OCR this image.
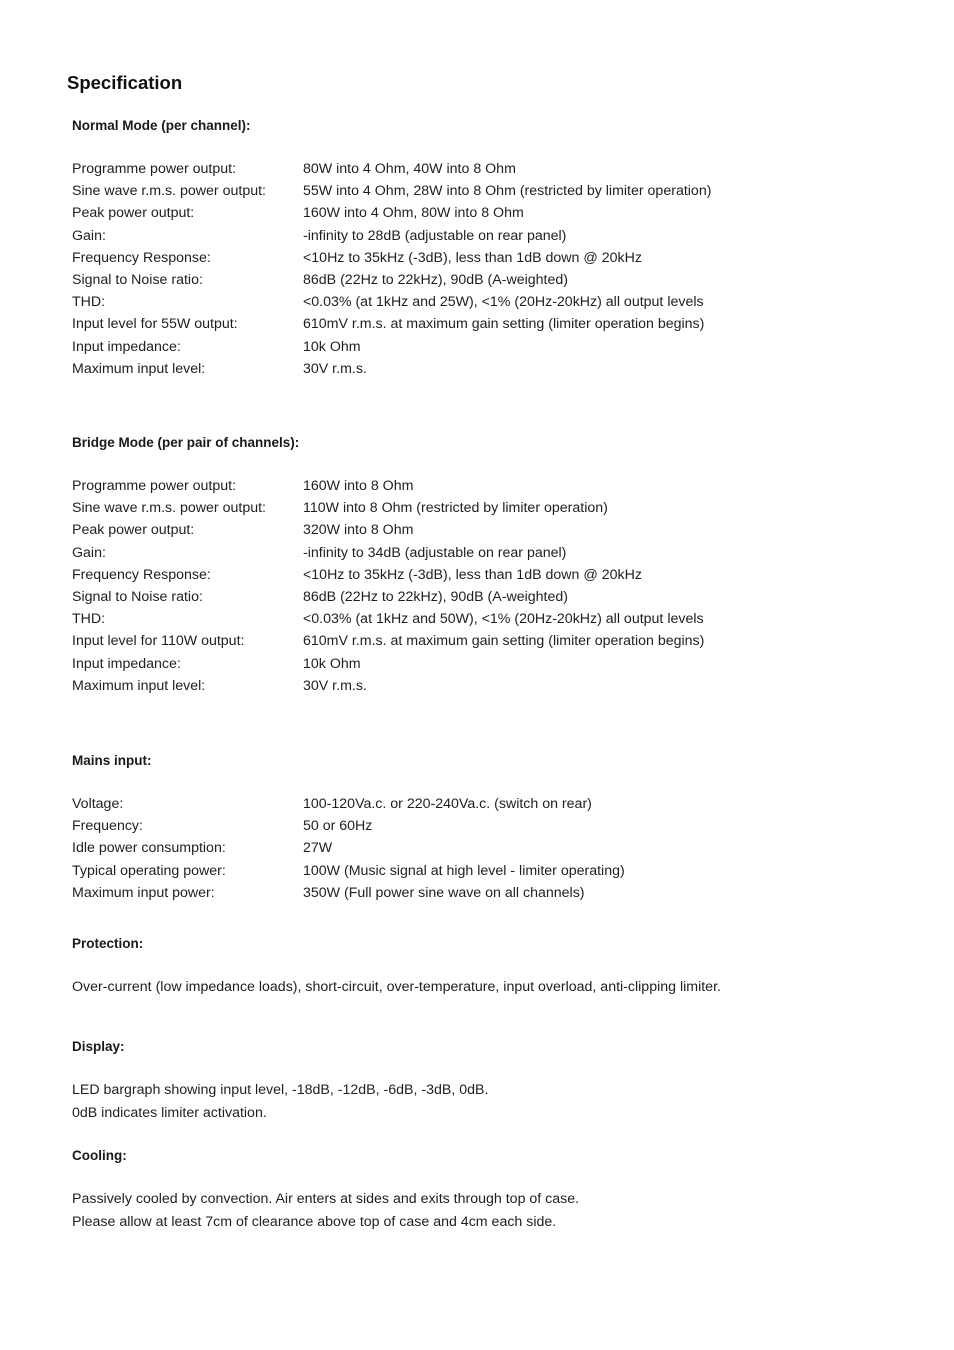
Specification
Normal Mode (per channel):
Programme power output:	80W into 4 Ohm, 40W into 8 Ohm
Sine wave r.m.s. power output:	55W into 4 Ohm, 28W into 8 Ohm (restricted by limiter operation)
Peak power output:	160W into 4 Ohm, 80W into 8 Ohm
Gain:	-infinity to 28dB (adjustable on rear panel)
Frequency Response:	<10Hz to 35kHz (-3dB), less than 1dB down @ 20kHz
Signal to Noise ratio:	86dB (22Hz to 22kHz), 90dB (A-weighted)
THD:	<0.03% (at 1kHz and 25W), <1% (20Hz-20kHz) all output levels
Input level for 55W output:	610mV r.m.s. at maximum gain setting (limiter operation begins)
Input impedance:	10k Ohm
Maximum input level:	30V r.m.s.
Bridge Mode (per pair of channels):
Programme power output:	160W into 8 Ohm
Sine wave r.m.s. power output:	110W into 8 Ohm (restricted by limiter operation)
Peak power output:	320W into 8 Ohm
Gain:	-infinity to 34dB (adjustable on rear panel)
Frequency Response:	<10Hz to 35kHz (-3dB), less than 1dB down @ 20kHz
Signal to Noise ratio:	86dB (22Hz to 22kHz), 90dB (A-weighted)
THD:	<0.03% (at 1kHz and 50W), <1% (20Hz-20kHz) all output levels
Input level for 110W output:	610mV r.m.s. at maximum gain setting (limiter operation begins)
Input impedance:	10k Ohm
Maximum input level:	30V r.m.s.
Mains input:
Voltage:	100-120Va.c. or 220-240Va.c. (switch on rear)
Frequency:	50 or 60Hz
Idle power consumption:	27W
Typical operating power:	100W (Music signal at high level - limiter operating)
Maximum input power:	350W (Full power sine wave on all channels)
Protection:

Over-current (low impedance loads), short-circuit, over-temperature, input overload, anti-clipping limiter.

Display:

LED bargraph showing input level, -18dB, -12dB, -6dB, -3dB, 0dB.
0dB indicates limiter activation.

Cooling:

Passively cooled by convection. Air enters at sides and exits through top of case.
Please allow at least 7cm of clearance above top of case and 4cm each side.
